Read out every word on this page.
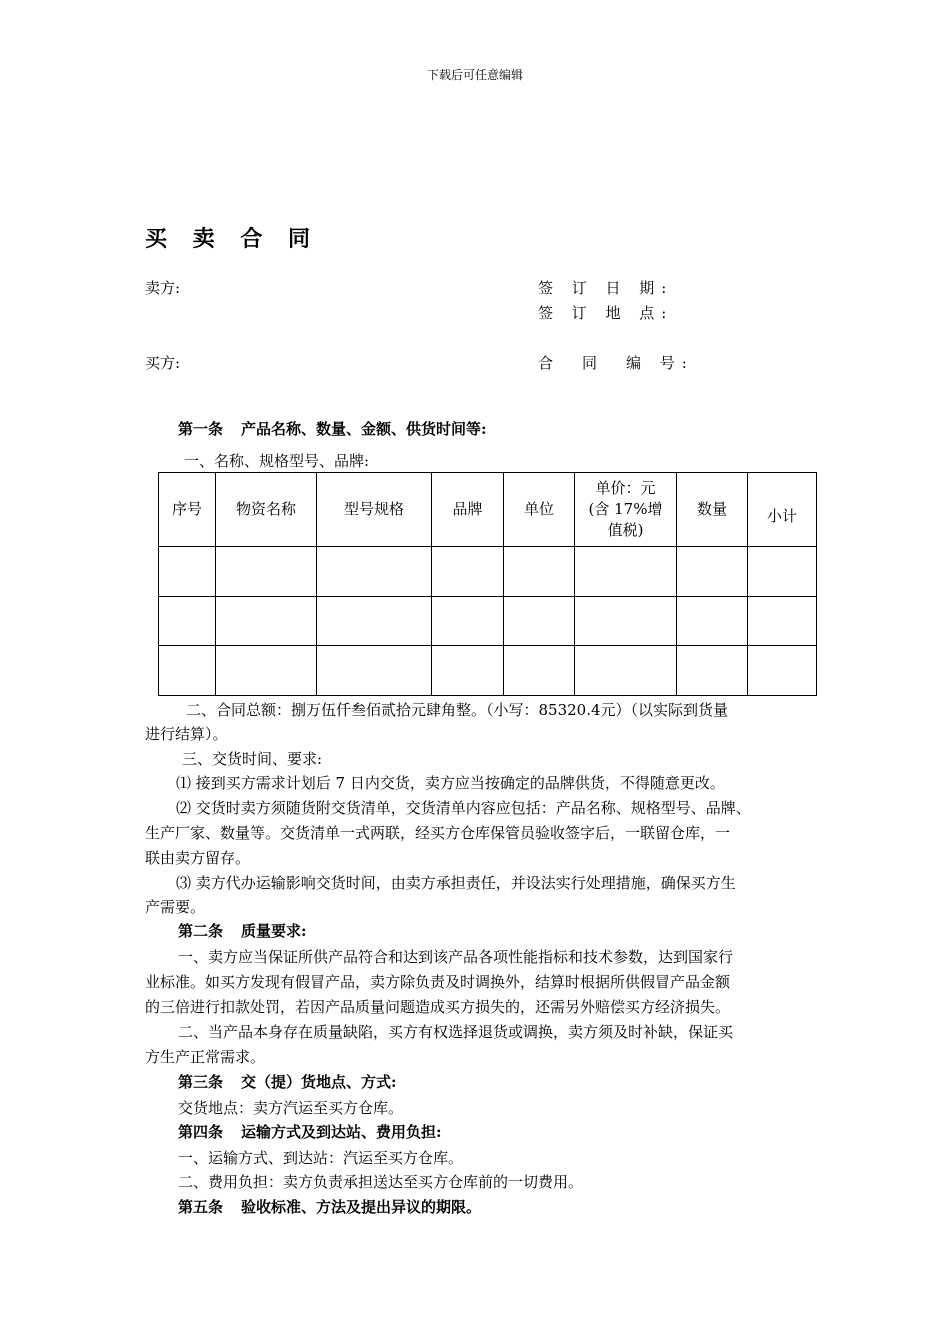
下载后可任意编辑
买 卖 合 同
卖方:	签 订 日 期:
签 订 地 点:
买方:	合　同　编 号:
第一条 产品名称、数量、金额、供货时间等:
一、名称、规格型号、品牌:
序号	物资名称	型号规格	品牌	单位	单价：元
(含 17%增
值税)	数量	小计

二、合同总额：捌万伍仟叁佰贰拾元肆角整。（小写：85320.4元）（以实际到货量
进行结算）。
三、交货时间、要求:
⑴ 接到买方需求计划后 7 日内交货，卖方应当按确定的品牌供货，不得随意更改。
⑵ 交货时卖方须随货附交货清单，交货清单内容应包括：产品名称、规格型号、品牌、
生产厂家、数量等。交货清单一式两联，经买方仓库保管员验收签字后，一联留仓库，一
联由卖方留存。
⑶ 卖方代办运输影响交货时间，由卖方承担责任，并设法实行处理措施，确保买方生
产需要。
第二条 质量要求:
一、卖方应当保证所供产品符合和达到该产品各项性能指标和技术参数，达到国家行
业标准。如买方发现有假冒产品，卖方除负责及时调换外，结算时根据所供假冒产品金额
的三倍进行扣款处罚，若因产品质量问题造成买方损失的，还需另外赔偿买方经济损失。
二、当产品本身存在质量缺陷，买方有权选择退货或调换，卖方须及时补缺，保证买
方生产正常需求。
第三条 交（提）货地点、方式:
交货地点：卖方汽运至买方仓库。
第四条 运输方式及到达站、费用负担:
一、运输方式、到达站：汽运至买方仓库。
二、费用负担：卖方负责承担送达至买方仓库前的一切费用。
第五条 验收标准、方法及提出异议的期限。
